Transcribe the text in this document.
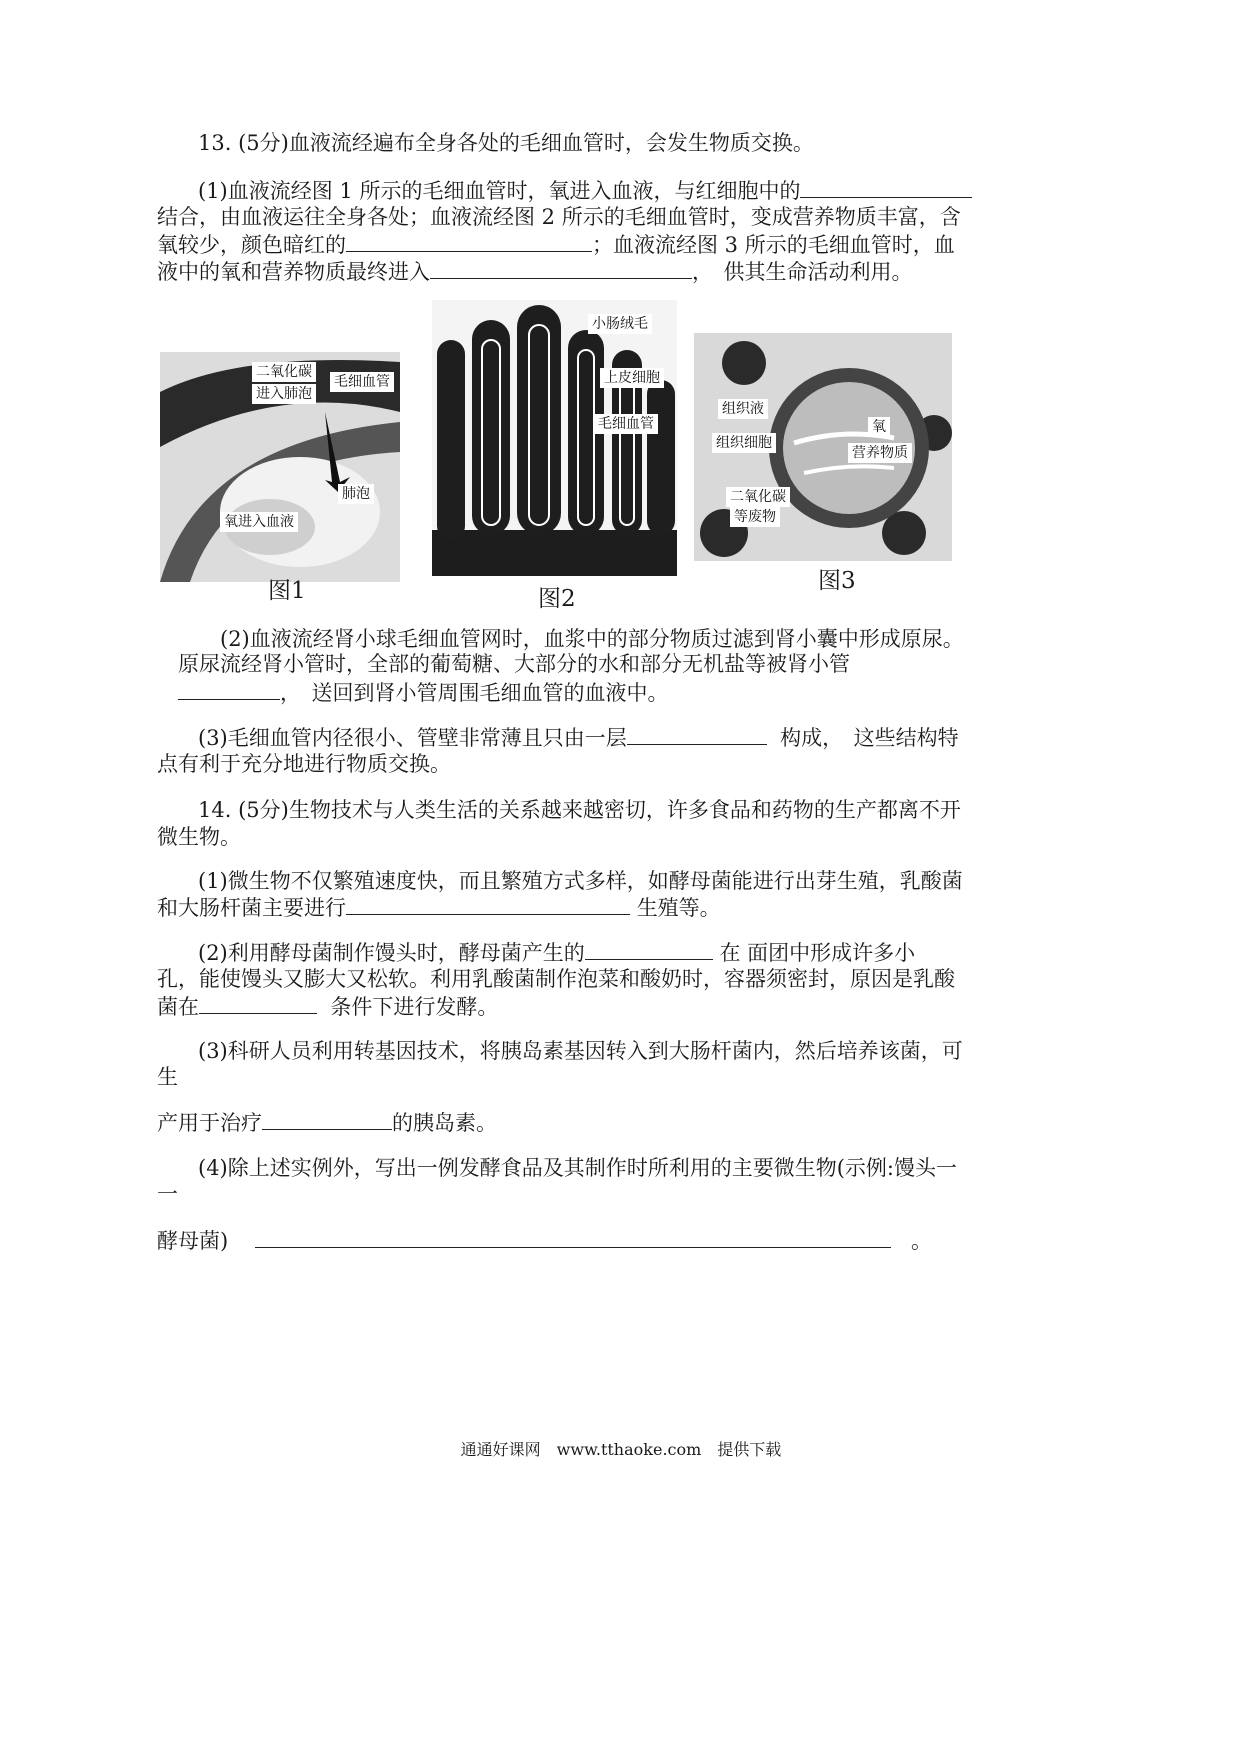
13. (5分)血液流经遍布全身各处的毛细血管时，会发生物质交换。
(1)血液流经图 1 所示的毛细血管时，氧进入血液，与红细胞中的
结合，由血液运往全身各处；血液流经图 2 所示的毛细血管时，变成营养物质丰富，含
氧较少，颜色暗红的	；血液流经图 3 所示的毛细血管时，血
液中的氧和营养物质最终进入	，　供其生命活动利用。
二氧化碳
进入肺泡
毛细血管
肺泡
氧进入血液
图1
小肠绒毛
上皮细胞
毛细血管
图2
组织液
组织细胞
氧
营养物质
二氧化碳
等废物
图3
(2)血液流经肾小球毛细血管网时，血浆中的部分物质过滤到肾小囊中形成原尿。
原尿流经肾小管时，全部的葡萄糖、大部分的水和部分无机盐等被肾小管
，　送回到肾小管周围毛细血管的血液中。
(3)毛细血管内径很小、管壁非常薄且只由一层	构成，　这些结构特
点有利于充分地进行物质交换。
14. (5分)生物技术与人类生活的关系越来越密切，许多食品和药物的生产都离不开
微生物。
(1)微生物不仅繁殖速度快，而且繁殖方式多样，如酵母菌能进行出芽生殖，乳酸菌
和大肠杆菌主要进行	生殖等。
(2)利用酵母菌制作馒头时，酵母菌产生的	在 面团中形成许多小
孔，能使馒头又膨大又松软。利用乳酸菌制作泡菜和酸奶时，容器须密封，原因是乳酸
菌在	条件下进行发酵。
(3)科研人员利用转基因技术，将胰岛素基因转入到大肠杆菌内，然后培养该菌，可
生
产用于治疗	的胰岛素。
(4)除上述实例外，写出一例发酵食品及其制作时所利用的主要微生物(示例:馒头一
一
酵母菌)	。
通通好课网　www.tthaoke.com　提供下载
